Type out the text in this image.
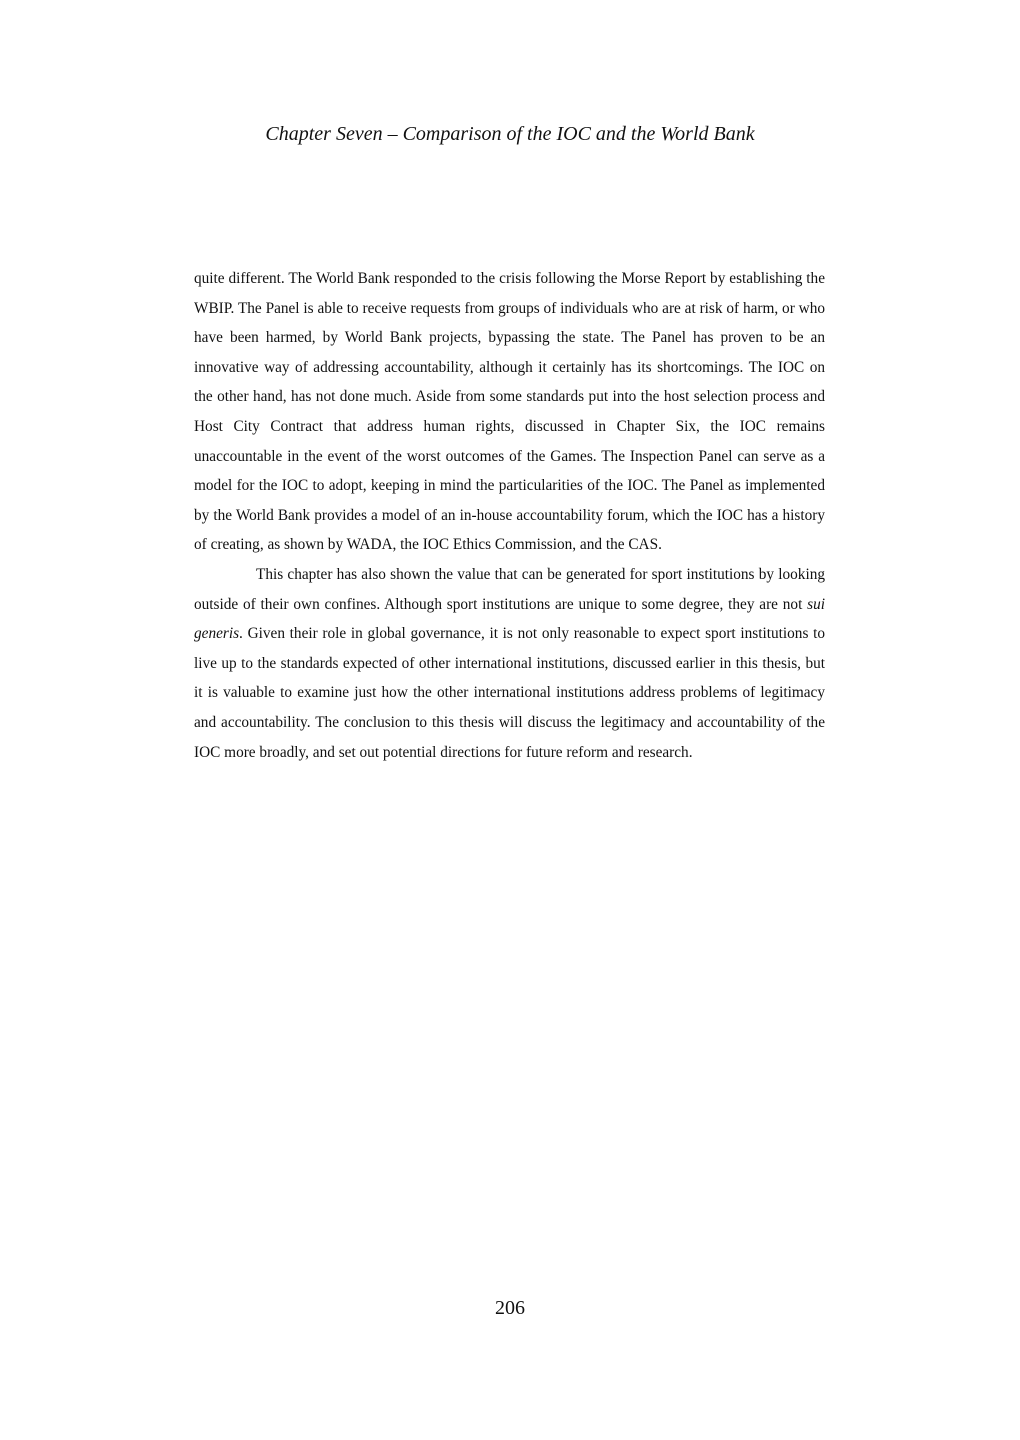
Chapter Seven – Comparison of the IOC and the World Bank

quite different. The World Bank responded to the crisis following the Morse Report by establishing the WBIP. The Panel is able to receive requests from groups of individuals who are at risk of harm, or who have been harmed, by World Bank projects, bypassing the state. The Panel has proven to be an innovative way of addressing accountability, although it certainly has its shortcomings. The IOC on the other hand, has not done much. Aside from some standards put into the host selection process and Host City Contract that address human rights, discussed in Chapter Six, the IOC remains unaccountable in the event of the worst outcomes of the Games. The Inspection Panel can serve as a model for the IOC to adopt, keeping in mind the particularities of the IOC. The Panel as implemented by the World Bank provides a model of an in-house accountability forum, which the IOC has a history of creating, as shown by WADA, the IOC Ethics Commission, and the CAS.

This chapter has also shown the value that can be generated for sport institutions by looking outside of their own confines. Although sport institutions are unique to some degree, they are not sui generis. Given their role in global governance, it is not only reasonable to expect sport institutions to live up to the standards expected of other international institutions, discussed earlier in this thesis, but it is valuable to examine just how the other international institutions address problems of legitimacy and accountability. The conclusion to this thesis will discuss the legitimacy and accountability of the IOC more broadly, and set out potential directions for future reform and research.

206
